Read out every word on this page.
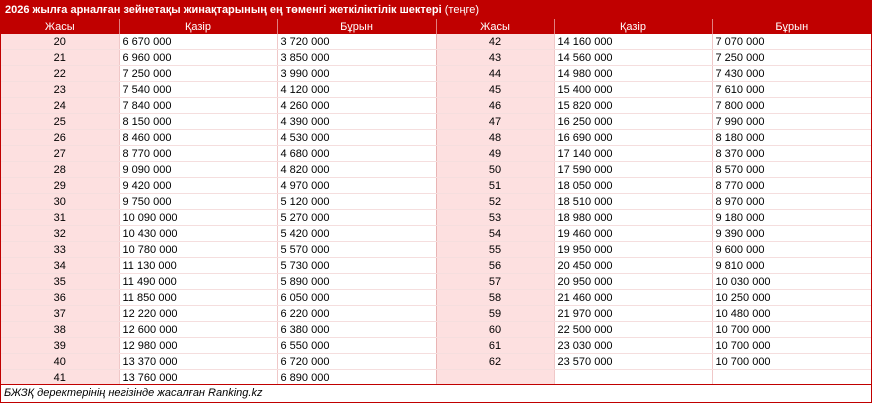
2026 жылға арналған зейнетақы жинақтарының ең төменгі жеткіліктілік шектері (теңге)
Жасы	Қазір	Бұрын	Жасы	Қазір	Бұрын
20	6 670 000	3 720 000	42	14 160 000	7 070 000
21	6 960 000	3 850 000	43	14 560 000	7 250 000
22	7 250 000	3 990 000	44	14 980 000	7 430 000
23	7 540 000	4 120 000	45	15 400 000	7 610 000
24	7 840 000	4 260 000	46	15 820 000	7 800 000
25	8 150 000	4 390 000	47	16 250 000	7 990 000
26	8 460 000	4 530 000	48	16 690 000	8 180 000
27	8 770 000	4 680 000	49	17 140 000	8 370 000
28	9 090 000	4 820 000	50	17 590 000	8 570 000
29	9 420 000	4 970 000	51	18 050 000	8 770 000
30	9 750 000	5 120 000	52	18 510 000	8 970 000
31	10 090 000	5 270 000	53	18 980 000	9 180 000
32	10 430 000	5 420 000	54	19 460 000	9 390 000
33	10 780 000	5 570 000	55	19 950 000	9 600 000
34	11 130 000	5 730 000	56	20 450 000	9 810 000
35	11 490 000	5 890 000	57	20 950 000	10 030 000
36	11 850 000	6 050 000	58	21 460 000	10 250 000
37	12 220 000	6 220 000	59	21 970 000	10 480 000
38	12 600 000	6 380 000	60	22 500 000	10 700 000
39	12 980 000	6 550 000	61	23 030 000	10 700 000
40	13 370 000	6 720 000	62	23 570 000	10 700 000
41	13 760 000	6 890 000			
БЖЗҚ деректерінің негізінде жасалған Ranking.kz
